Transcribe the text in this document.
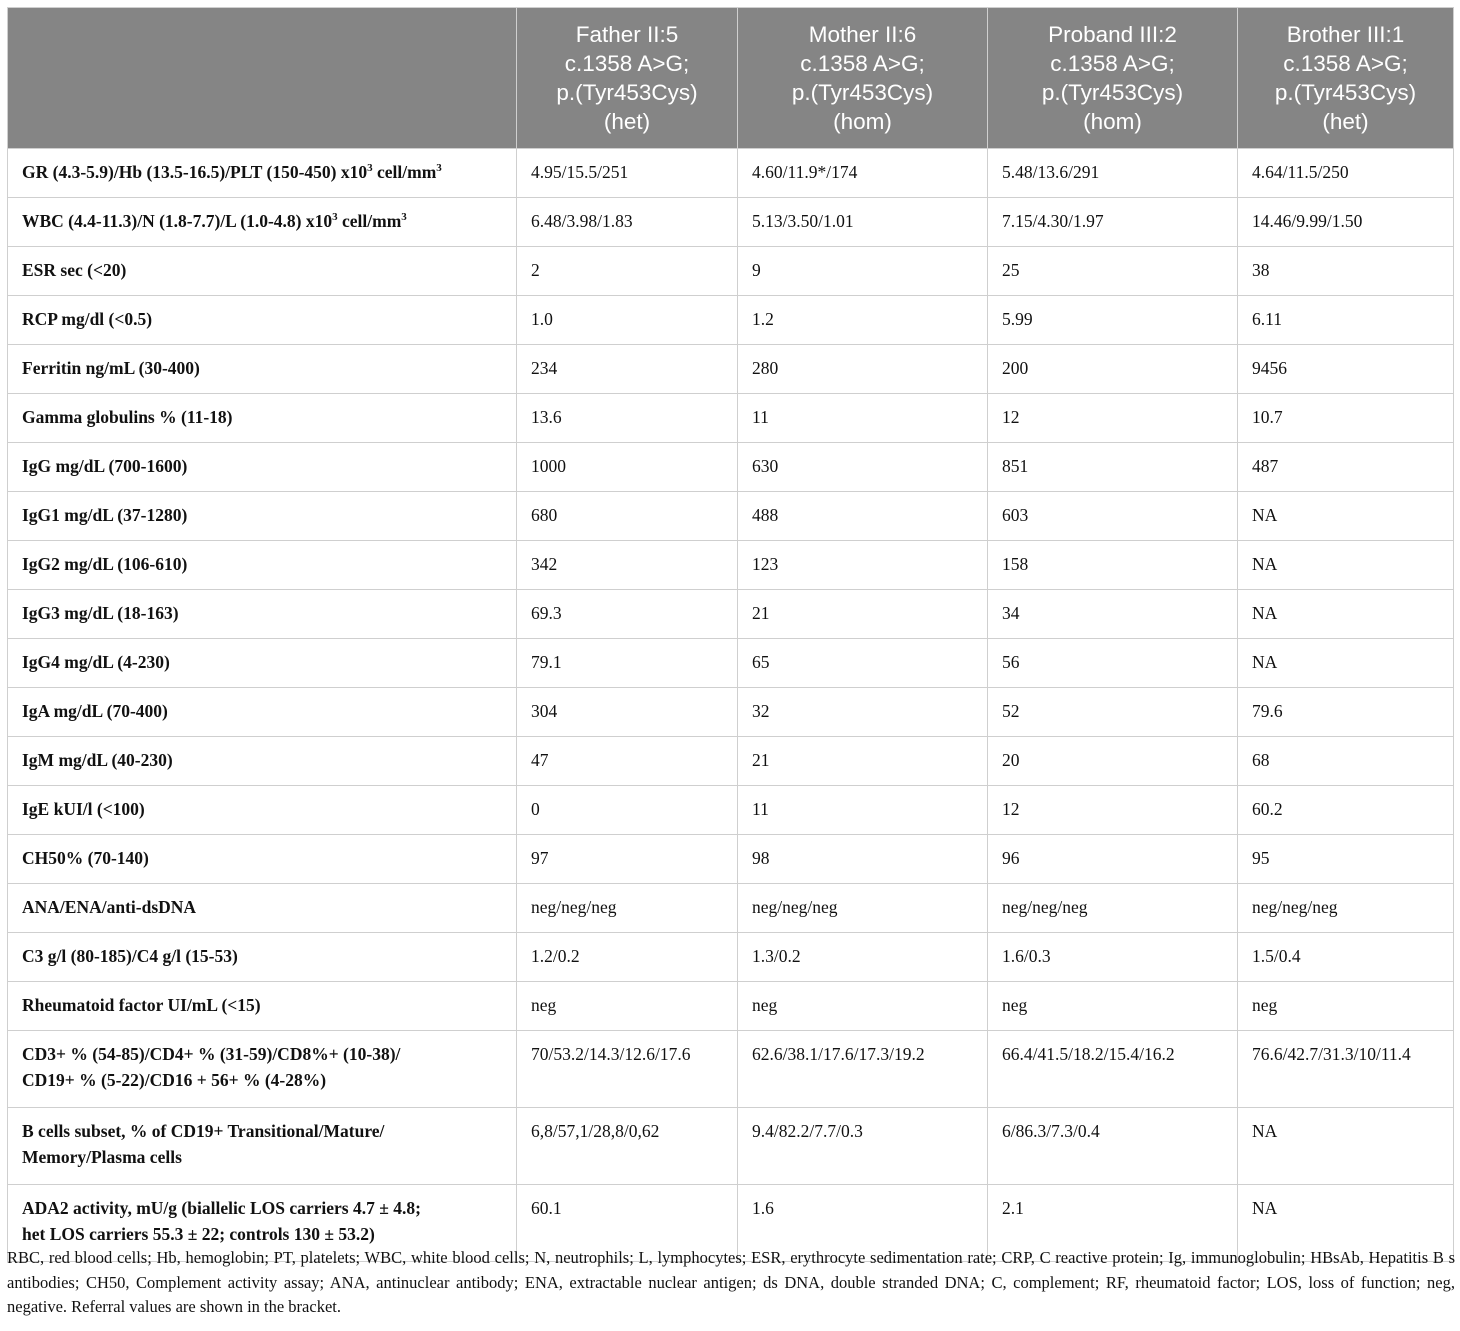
	Father II:5
c.1358 A>G;
p.(Tyr453Cys)
(het)	Mother II:6
c.1358 A>G;
p.(Tyr453Cys)
(hom)	Proband III:2
c.1358 A>G;
p.(Tyr453Cys)
(hom)	Brother III:1
c.1358 A>G;
p.(Tyr453Cys)
(het)

GR (4.3-5.9)/Hb (13.5-16.5)/PLT (150-450) $x10^3$ cell/$mm^3$	4.95/15.5/251	4.60/11.9*/174	5.48/13.6/291	4.64/11.5/250
WBC (4.4-11.3)/N (1.8-7.7)/L (1.0-4.8) $x10^3$ cell/$mm^3$	6.48/3.98/1.83	5.13/3.50/1.01	7.15/4.30/1.97	14.46/9.99/1.50
ESR sec (<20)	2	9	25	38
RCP mg/dl (<0.5)	1.0	1.2	5.99	6.11
Ferritin ng/mL (30-400)	234	280	200	9456
Gamma globulins % (11-18)	13.6	11	12	10.7
IgG mg/dL (700-1600)	1000	630	851	487
IgG1 mg/dL (37-1280)	680	488	603	NA
IgG2 mg/dL (106-610)	342	123	158	NA
IgG3 mg/dL (18-163)	69.3	21	34	NA
IgG4 mg/dL (4-230)	79.1	65	56	NA
IgA mg/dL (70-400)	304	32	52	79.6
IgM mg/dL (40-230)	47	21	20	68
IgE kUI/l (<100)	0	11	12	60.2
CH50% (70-140)	97	98	96	95
ANA/ENA/anti-dsDNA	neg/neg/neg	neg/neg/neg	neg/neg/neg	neg/neg/neg
C3 g/l (80-185)/C4 g/l (15-53)	1.2/0.2	1.3/0.2	1.6/0.3	1.5/0.4
Rheumatoid factor UI/mL (<15)	neg	neg	neg	neg
CD3+ % (54-85)/CD4+ % (31-59)/CD8%+ (10-38)/
CD19+ % (5-22)/CD16 + 56+ % (4-28%)	70/53.2/14.3/12.6/17.6	62.6/38.1/17.6/17.3/19.2	66.4/41.5/18.2/15.4/16.2	76.6/42.7/31.3/10/11.4
B cells subset, % of CD19+ Transitional/Mature/
Memory/Plasma cells	6,8/57,1/28,8/0,62	9.4/82.2/7.7/0.3	6/86.3/7.3/0.4	NA
ADA2 activity, mU/g (biallelic LOS carriers 4.7 ± 4.8;
het LOS carriers 55.3 ± 22; controls 130 ± 53.2)	60.1	1.6	2.1	NA
RBC, red blood cells; Hb, hemoglobin; PT, platelets; WBC, white blood cells; N, neutrophils; L, lymphocytes; ESR, erythrocyte sedimentation rate; CRP, C reactive protein; Ig, immunoglobulin; HBsAb, Hepatitis B s antibodies; CH50, Complement activity assay; ANA, antinuclear antibody; ENA, extractable nuclear antigen; ds DNA, double stranded DNA; C, complement; RF, rheumatoid factor; LOS, loss of function; neg, negative. Referral values are shown in the bracket.
